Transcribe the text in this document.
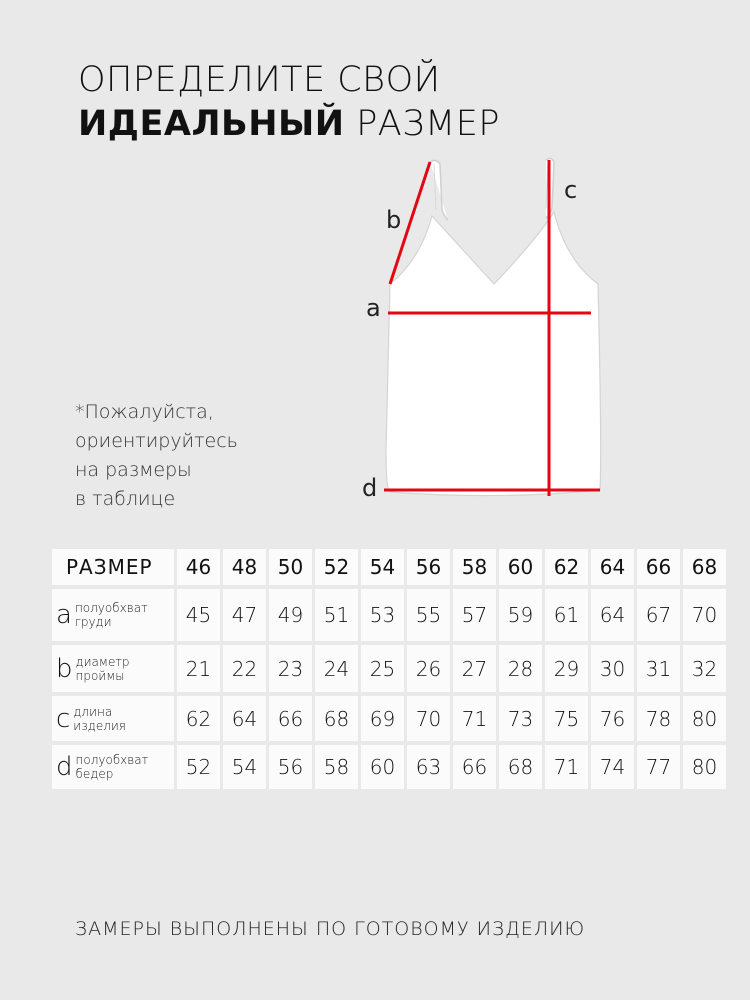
ОПРЕДЕЛИТЕ СВОЙ
ИДЕАЛЬНЫЙ РАЗМЕР
*Пожалуйста,
ориентируйтесь
на размеры
в таблице
b
c
a
d
РАЗМЕР	46	48	50	52	54	56	58	60	62	64	66	68

a полуобхват
груди	45	47	49	51	53	55	57	59	61	64	67	70

b диаметр
проймы	21	22	23	24	25	26	27	28	29	30	31	32

c длина
изделия	62	64	66	68	69	70	71	73	75	76	78	80

d полуобхват
бедер	52	54	56	58	60	63	66	68	71	74	77	80
ЗАМЕРЫ ВЫПОЛНЕНЫ ПО ГОТОВОМУ ИЗДЕЛИЮ
